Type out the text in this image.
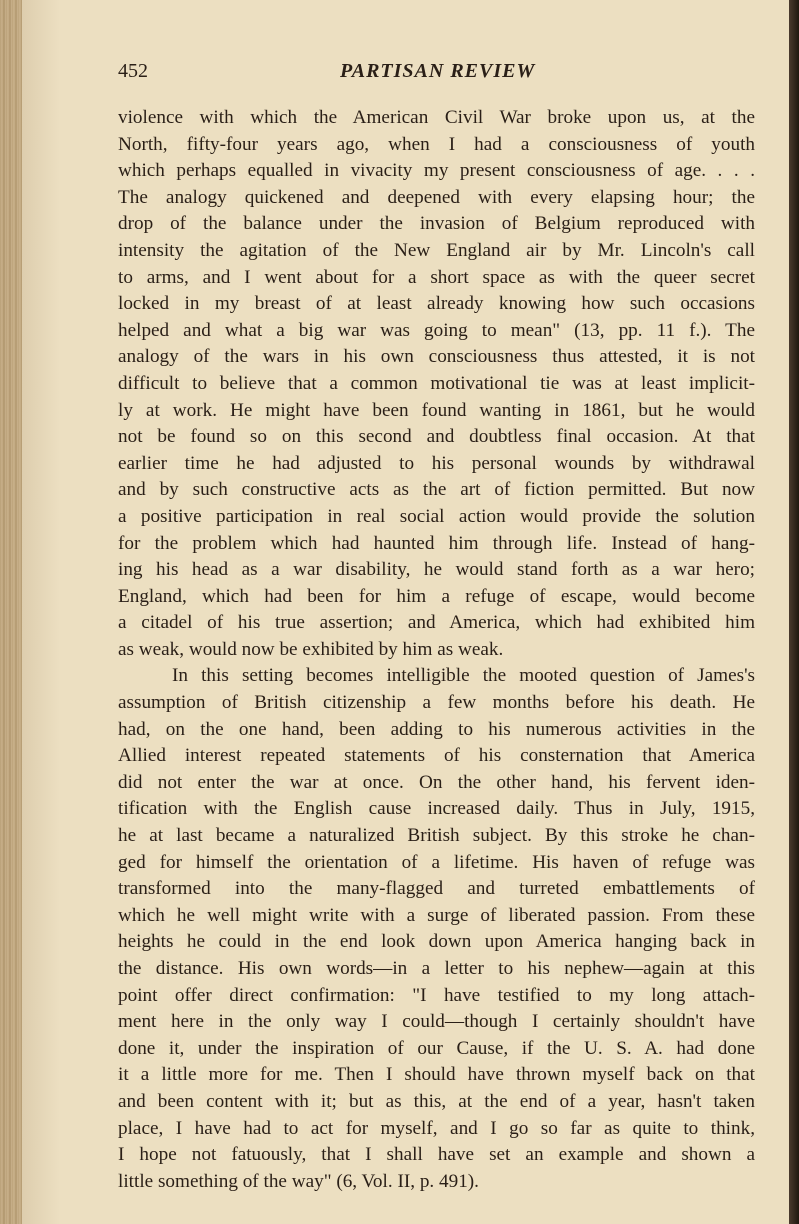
452	PARTISAN REVIEW
violence with which the American Civil War broke upon us, at the
North, fifty-four years ago, when I had a consciousness of youth
which perhaps equalled in vivacity my present consciousness of age. . . .
The analogy quickened and deepened with every elapsing hour; the
drop of the balance under the invasion of Belgium reproduced with
intensity the agitation of the New England air by Mr. Lincoln's call
to arms, and I went about for a short space as with the queer secret
locked in my breast of at least already knowing how such occasions
helped and what a big war was going to mean" (13, pp. 11 f.). The
analogy of the wars in his own consciousness thus attested, it is not
difficult to believe that a common motivational tie was at least implicit-
ly at work. He might have been found wanting in 1861, but he would
not be found so on this second and doubtless final occasion. At that
earlier time he had adjusted to his personal wounds by withdrawal
and by such constructive acts as the art of fiction permitted. But now
a positive participation in real social action would provide the solution
for the problem which had haunted him through life. Instead of hang-
ing his head as a war disability, he would stand forth as a war hero;
England, which had been for him a refuge of escape, would become
a citadel of his true assertion; and America, which had exhibited him
as weak, would now be exhibited by him as weak.
In this setting becomes intelligible the mooted question of James's
assumption of British citizenship a few months before his death. He
had, on the one hand, been adding to his numerous activities in the
Allied interest repeated statements of his consternation that America
did not enter the war at once. On the other hand, his fervent iden-
tification with the English cause increased daily. Thus in July, 1915,
he at last became a naturalized British subject. By this stroke he chan-
ged for himself the orientation of a lifetime. His haven of refuge was
transformed into the many-flagged and turreted embattlements of
which he well might write with a surge of liberated passion. From these
heights he could in the end look down upon America hanging back in
the distance. His own words—in a letter to his nephew—again at this
point offer direct confirmation: "I have testified to my long attach-
ment here in the only way I could—though I certainly shouldn't have
done it, under the inspiration of our Cause, if the U. S. A. had done
it a little more for me. Then I should have thrown myself back on that
and been content with it; but as this, at the end of a year, hasn't taken
place, I have had to act for myself, and I go so far as quite to think,
I hope not fatuously, that I shall have set an example and shown a
little something of the way" (6, Vol. II, p. 491).
